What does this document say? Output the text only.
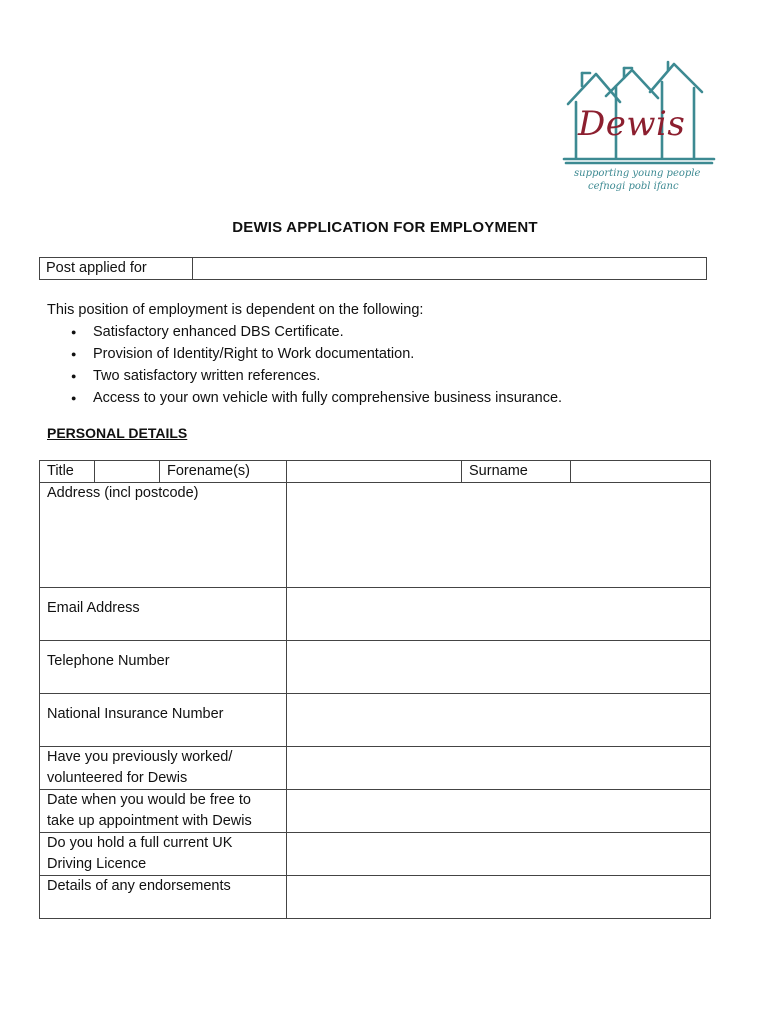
Dewis
supporting young people
cefnogi pobl ifanc
DEWIS APPLICATION FOR EMPLOYMENT
Post applied for	
This position of employment is dependent on the following:
● Satisfactory enhanced DBS Certificate.
● Provision of Identity/Right to Work documentation.
● Two satisfactory written references.
● Access to your own vehicle with fully comprehensive business insurance.
PERSONAL DETAILS
Title		Forename(s)		Surname	
Address (incl postcode)					
Email Address					
Telephone Number					
National Insurance Number					
Have you previously worked/ volunteered for Dewis					
Date when you would be free to take up appointment with Dewis					
Do you hold a full current UK Driving Licence					
Details of any endorsements					
